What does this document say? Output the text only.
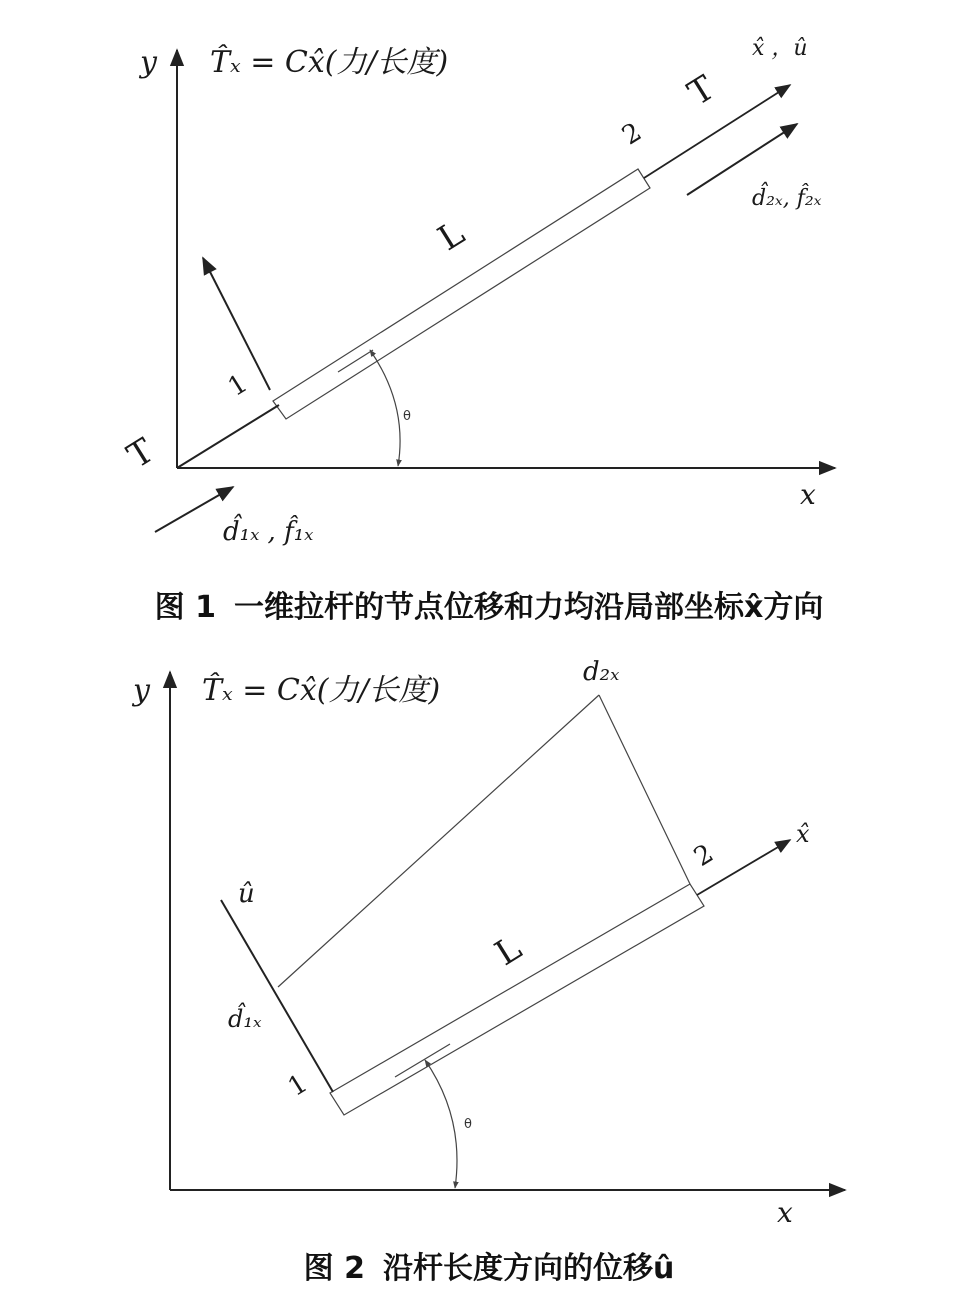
y
x
T̂ₓ = Cx̂(力/长度)
T
T
1
2
L
θ
x̂ ，û
d̂₂ₓ, f̂₂ₓ
d̂₁ₓ , f̂₁ₓ
图 1 一维拉杆的节点位移和力均沿局部坐标x̂方向
y
x
T̂ₓ = Cx̂(力/长度)
d₂ₓ
x̂
û
d̂₁ₓ
1
2
L
θ
图 2 沿杆长度方向的位移û
